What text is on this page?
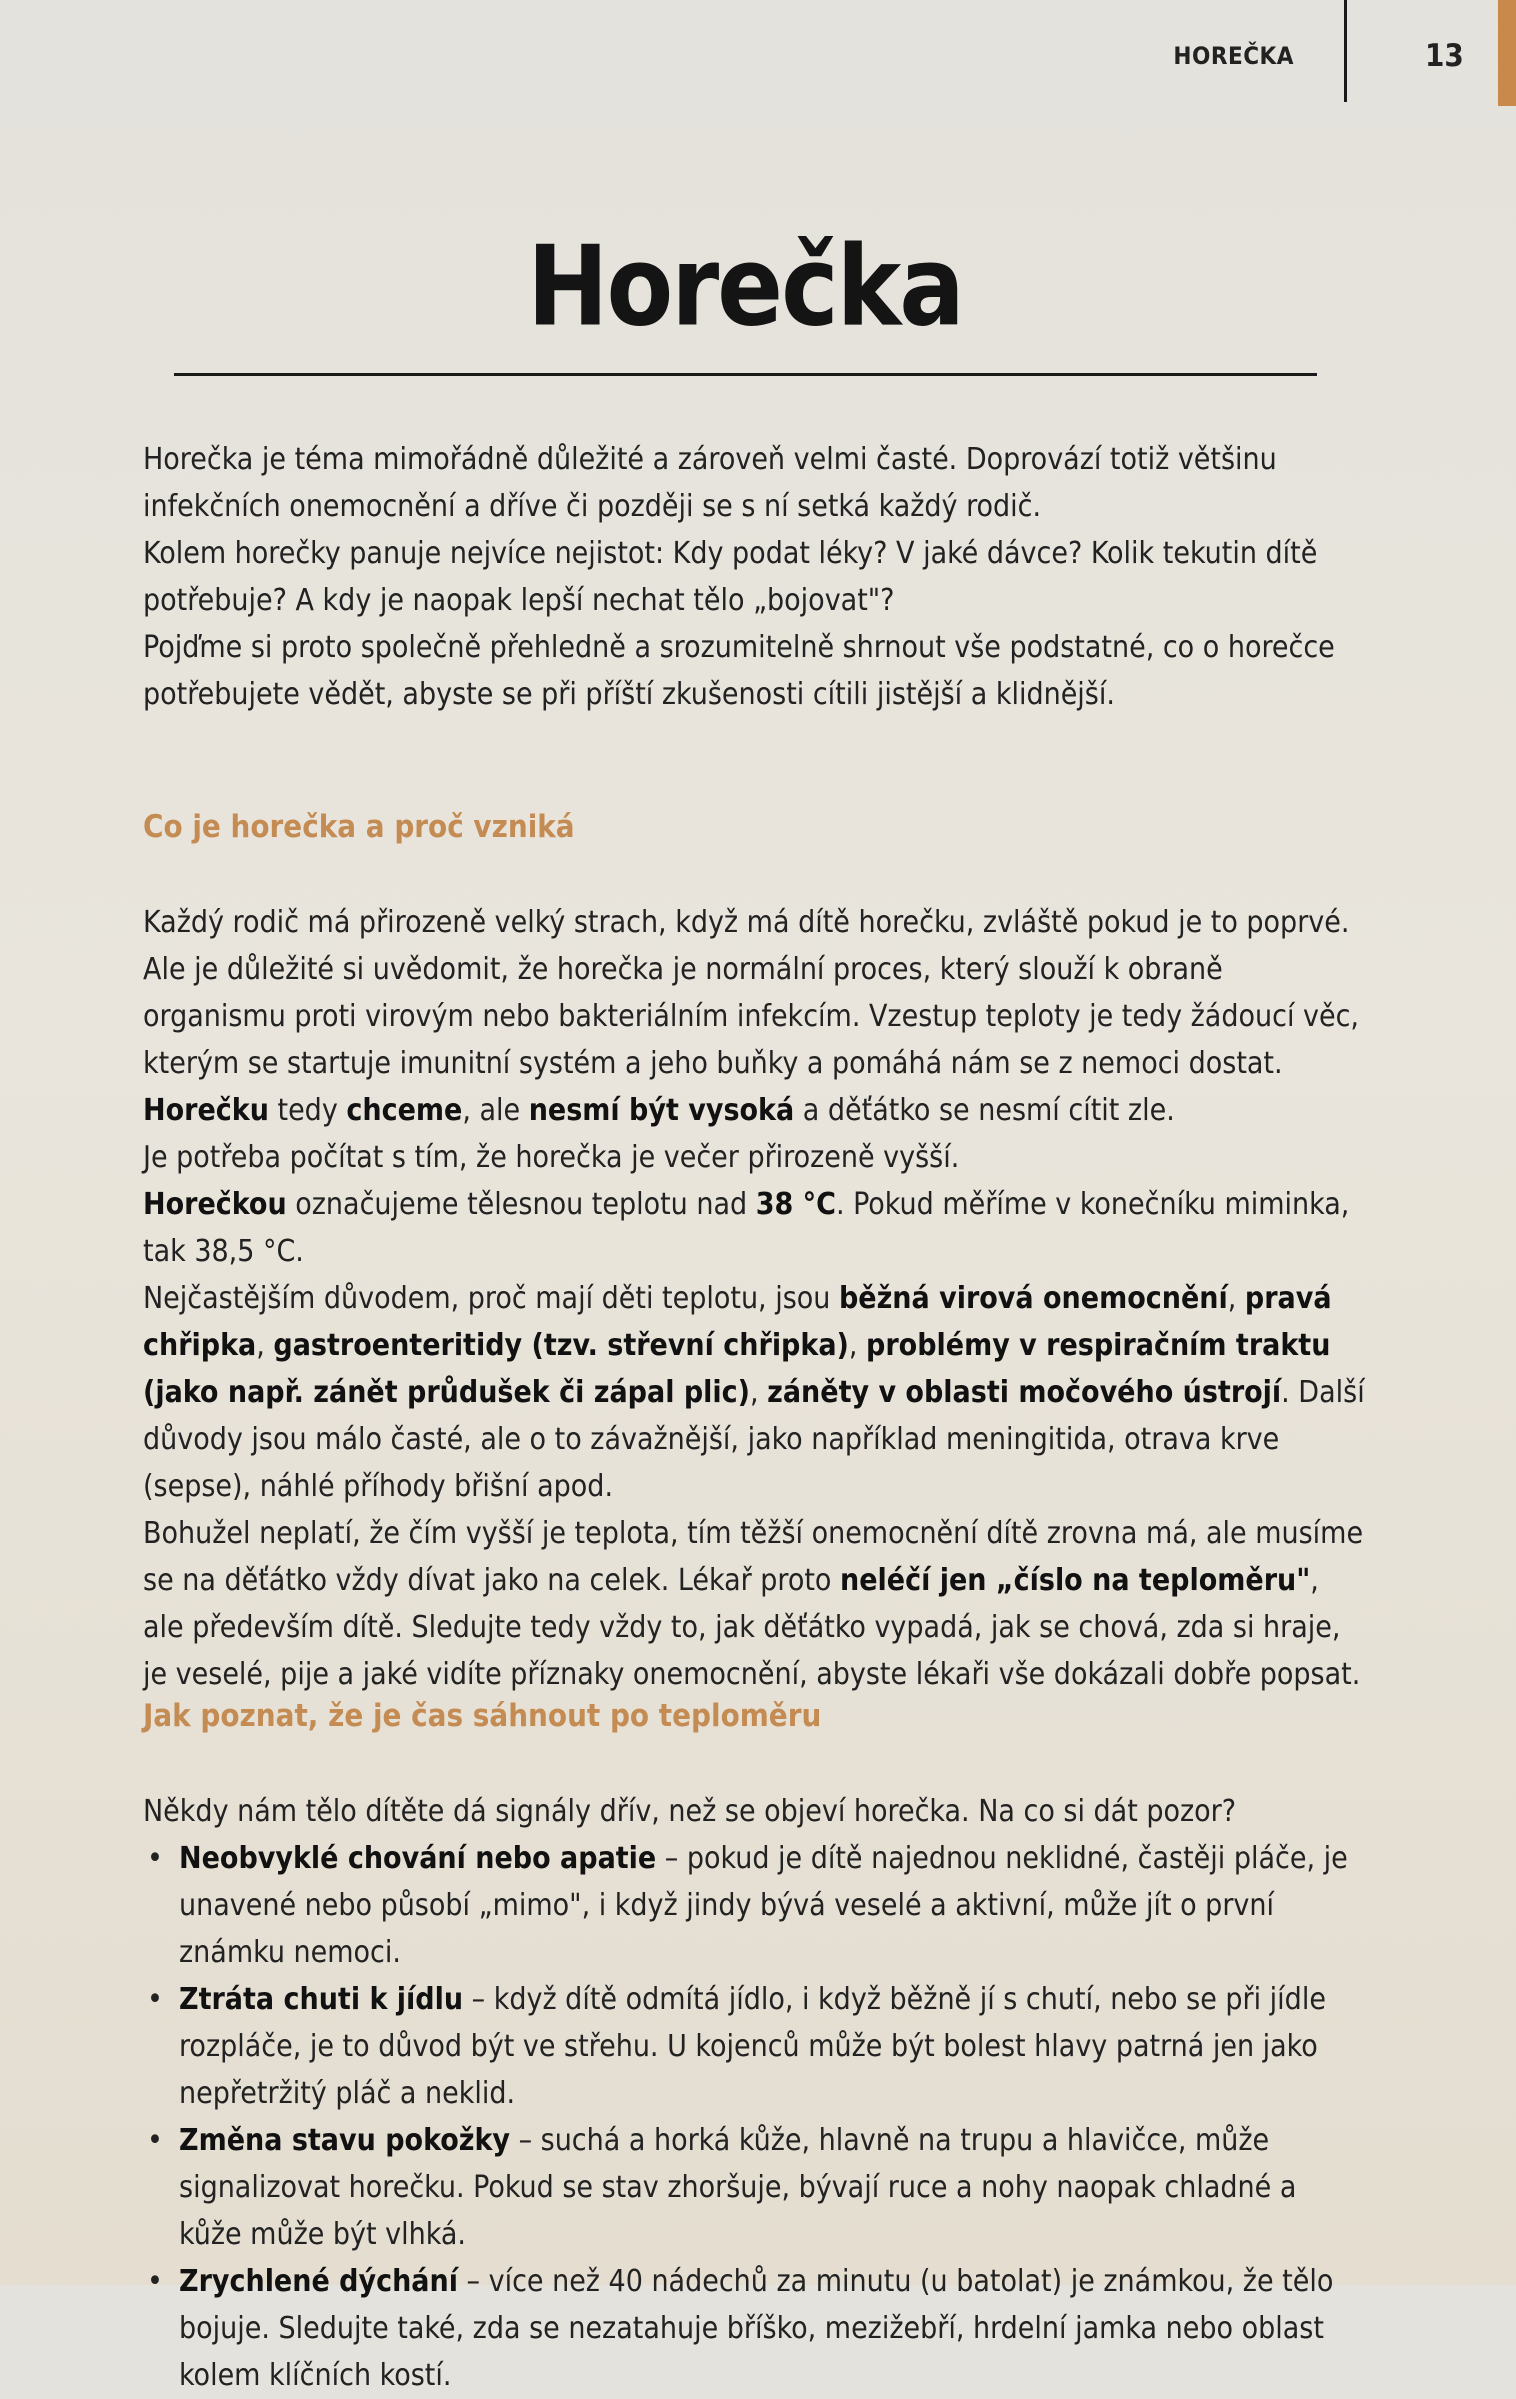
HOREČKA	13
Horečka

Horečka je téma mimořádně důležité a zároveň velmi časté. Doprovází totiž většinu infekčních onemocnění a dříve či později se s ní setká každý rodič.

Kolem horečky panuje nejvíce nejistot: Kdy podat léky? V jaké dávce? Kolik tekutin dítě potřebuje? A kdy je naopak lepší nechat tělo „bojovat"?

Pojďme si proto společně přehledně a srozumitelně shrnout vše podstatné, co o horečce potřebujete vědět, abyste se při příští zkušenosti cítili jistější a klidnější.

Co je horečka a proč vzniká

Každý rodič má přirozeně velký strach, když má dítě horečku, zvláště pokud je to poprvé. Ale je důležité si uvědomit, že horečka je normální proces, který slouží k obraně organismu proti virovým nebo bakteriálním infekcím. Vzestup teploty je tedy žádoucí věc, kterým se startuje imunitní systém a jeho buňky a pomáhá nám se z nemoci dostat. Horečku tedy chceme, ale nesmí být vysoká a děťátko se nesmí cítit zle.

Je potřeba počítat s tím, že horečka je večer přirozeně vyšší.

Horečkou označujeme tělesnou teplotu nad 38 °C. Pokud měříme v konečníku miminka, tak 38,5 °C.

Nejčastějším důvodem, proč mají děti teplotu, jsou běžná virová onemocnění, pravá chřipka, gastroenteritidy (tzv. střevní chřipka), problémy v respiračním traktu (jako např. zánět průdušek či zápal plic), záněty v oblasti močového ústrojí. Další důvody jsou málo časté, ale o to závažnější, jako například meningitida, otrava krve (sepse), náhlé příhody břišní apod.

Bohužel neplatí, že čím vyšší je teplota, tím těžší onemocnění dítě zrovna má, ale musíme se na děťátko vždy dívat jako na celek. Lékař proto neléčí jen „číslo na teploměru", ale především dítě. Sledujte tedy vždy to, jak děťátko vypadá, jak se chová, zda si hraje, je veselé, pije a jaké vidíte příznaky onemocnění, abyste lékaři vše dokázali dobře popsat.

Jak poznat, že je čas sáhnout po teploměru

Někdy nám tělo dítěte dá signály dřív, než se objeví horečka. Na co si dát pozor?

• Neobvyklé chování nebo apatie – pokud je dítě najednou neklidné, častěji pláče, je unavené nebo působí „mimo", i když jindy bývá veselé a aktivní, může jít o první známku nemoci.
• Ztráta chuti k jídlu – když dítě odmítá jídlo, i když běžně jí s chutí, nebo se při jídle rozpláče, je to důvod být ve střehu. U kojenců může být bolest hlavy patrná jen jako nepřetržitý pláč a neklid.
• Změna stavu pokožky – suchá a horká kůže, hlavně na trupu a hlavičce, může signalizovat horečku. Pokud se stav zhoršuje, bývají ruce a nohy naopak chladné a kůže může být vlhká.
• Zrychlené dýchání – více než 40 nádechů za minutu (u batolat) je známkou, že tělo bojuje. Sledujte také, zda se nezatahuje bříško, mezižebří, hrdelní jamka nebo oblast kolem klíčních kostí.
